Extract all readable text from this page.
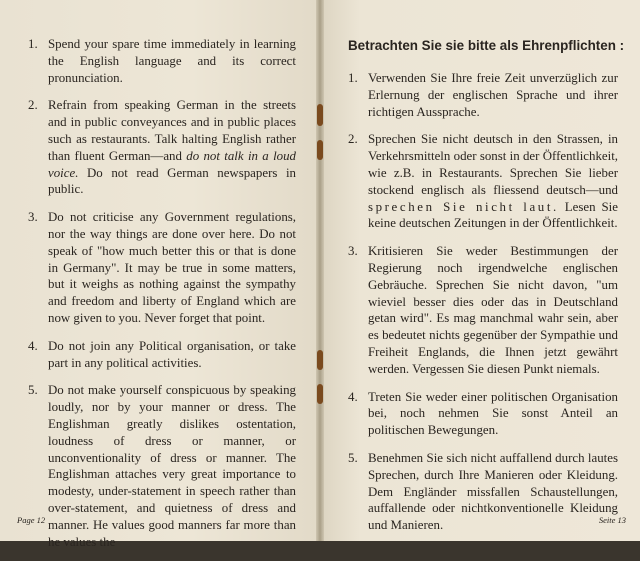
1. Spend your spare time immediately in learning the English language and its correct pronunciation.
2. Refrain from speaking German in the streets and in public conveyances and in public places such as restaurants. Talk halting English rather than fluent German—and do not talk in a loud voice. Do not read German newspapers in public.
3. Do not criticise any Government regulations, nor the way things are done over here. Do not speak of "how much better this or that is done in Germany". It may be true in some matters, but it weighs as nothing against the sympathy and freedom and liberty of England which are now given to you. Never forget that point.
4. Do not join any Political organisation, or take part in any political activities.
5. Do not make yourself conspicuous by speaking loudly, nor by your manner or dress. The Englishman greatly dislikes ostentation, loudness of dress or manner, or unconventionality of dress or manner. The Englishman attaches very great importance to modesty, under-statement in speech rather than over-statement, and quietness of dress and manner. He values good manners far more than he values the
Page 12
Betrachten Sie sie bitte als Ehrenpflichten :
1. Verwenden Sie Ihre freie Zeit unverzüglich zur Erlernung der englischen Sprache und ihrer richtigen Aussprache.
2. Sprechen Sie nicht deutsch in den Strassen, in Verkehrsmitteln oder sonst in der Öffentlichkeit, wie z.B. in Restaurants. Sprechen Sie lieber stockend englisch als fliessend deutsch—und sprechen Sie nicht laut. Lesen Sie keine deutschen Zeitungen in der Öffentlichkeit.
3. Kritisieren Sie weder Bestimmungen der Regierung noch irgendwelche englischen Gebräuche. Sprechen Sie nicht davon, "um wieviel besser dies oder das in Deutschland getan wird". Es mag manchmal wahr sein, aber es bedeutet nichts gegenüber der Sympathie und Freiheit Englands, die Ihnen jetzt gewährt werden. Vergessen Sie diesen Punkt niemals.
4. Treten Sie weder einer politischen Organisation bei, noch nehmen Sie sonst Anteil an politischen Bewegungen.
5. Benehmen Sie sich nicht auffallend durch lautes Sprechen, durch Ihre Manieren oder Kleidung. Dem Engländer missfallen Schaustellungen, auffallende oder nichtkonventionelle Kleidung und Manieren.	Seite 13
